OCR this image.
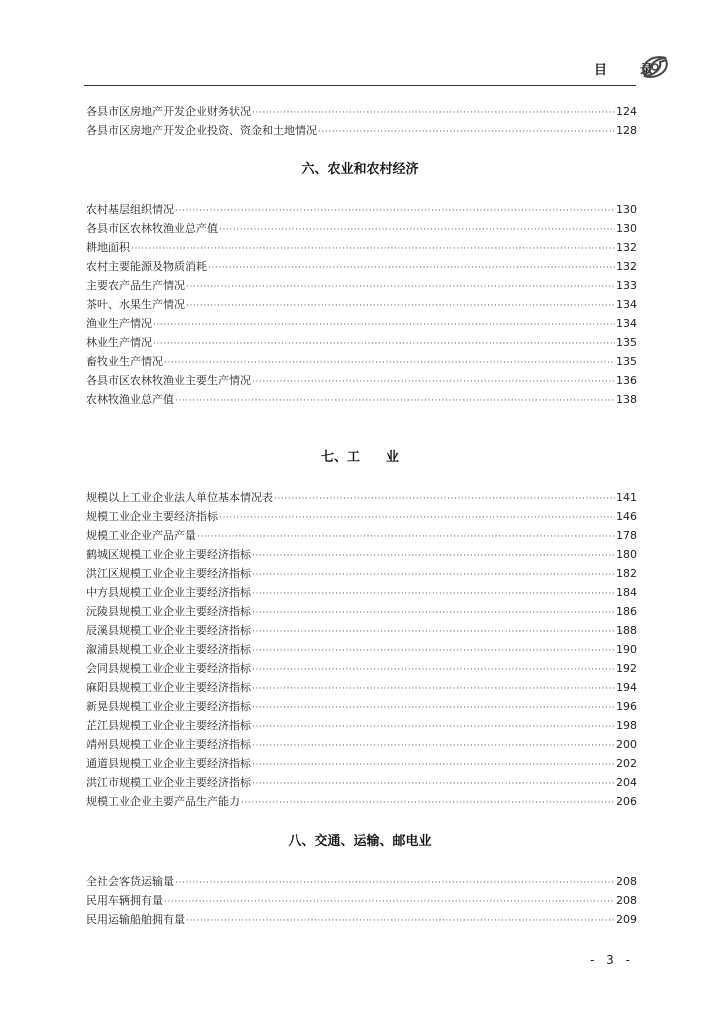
目　录
各县市区房地产开发企业财务状况 ·····	124
各县市区房地产开发企业投资、资金和土地情况 ·····	128
六、农业和农村经济
农村基层组织情况 ·····	130
各县市区农林牧渔业总产值 ·····	130
耕地面积 ·····	132
农村主要能源及物质消耗 ·····	132
主要农产品生产情况 ·····	133
茶叶、水果生产情况 ·····	134
渔业生产情况 ·····	134
林业生产情况 ·····	135
畜牧业生产情况 ·····	135
各县市区农林牧渔业主要生产情况 ·····	136
农林牧渔业总产值 ·····	138
七、工　　业
规模以上工业企业法人单位基本情况表 ·····	141
规模工业企业主要经济指标 ·····	146
规模工业企业产品产量 ·····	178
鹤城区规模工业企业主要经济指标 ·····	180
洪江区规模工业企业主要经济指标 ·····	182
中方县规模工业企业主要经济指标 ·····	184
沅陵县规模工业企业主要经济指标 ·····	186
辰溪县规模工业企业主要经济指标 ·····	188
溆浦县规模工业企业主要经济指标 ·····	190
会同县规模工业企业主要经济指标 ·····	192
麻阳县规模工业企业主要经济指标 ·····	194
新晃县规模工业企业主要经济指标 ·····	196
芷江县规模工业企业主要经济指标 ·····	198
靖州县规模工业企业主要经济指标 ·····	200
通道县规模工业企业主要经济指标 ·····	202
洪江市规模工业企业主要经济指标 ·····	204
规模工业企业主要产品生产能力 ·····	206
八、交通、运输、邮电业
全社会客货运输量 ·····	208
民用车辆拥有量 ·····	208
民用运输船舶拥有量 ·····	209
- 3 -
